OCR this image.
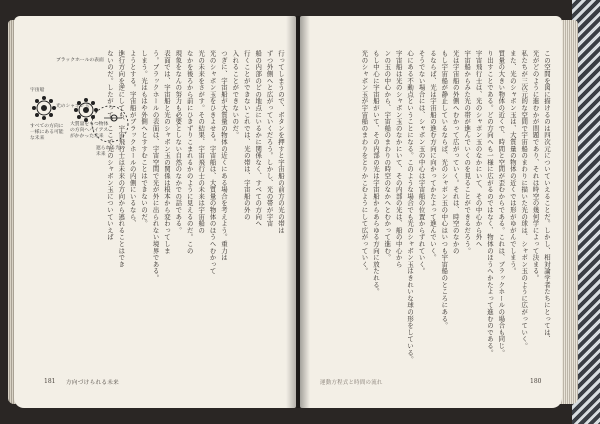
ブラックホールの表面
宇宙船
光のシャボン玉
すべての方向に一様にある可能な未来
大質量をもつ物体の方向へバイアスがかかった未来
遮られる光の未来	行ってしまうので、ボタンを押すと宇宙船の前方の光の帯は
ずつ外側へと広がっていくだろう。しかし、光の帯が宇宙
船の内部のどの地点にいるかに関係なく、すべての方向へ
行くことができないこれでは、光の帯は、宇宙船の外の
入れることができないのだ。
つぎに、宇宙船が大質量の物体の近くにある場合を考えよう。重力は
光のシャボン玉をひきよせる。宇宙船は、大質量の物体のほうへむかって
光の未来をさがす。その結果、宇宙飛行士の未来は宇宙船の
なかを後ろから前にひきずりこまれるかのように見えるのだ。この
現象をなんの努力も必要としない自然のなかでの話である。
表面では、宇宙船と光のシャボン玉の関係は根本から変わってしま
う。ブラックホールの表面は、宇宙空間で光が外に出られない境界である。
しまう。光はもはや外側へとすすむことはできないのだ。
ようとする。宇宙船がブラックホールの内側にいるなら、
進行方向を逆にしても、宇宙飛行士は未来の方向から逃れることはでき
ないのだ。したがって、ここで光のシャボン玉についていえば
181 方向づけられる未来
この空間を図に描けるのは四次元についていえることだ。しかし、相対論学者たちにとっては、
光がどのように進むかが問題であり、それは時空の幾何学によって決まる。
私たちが三次元的な空間で宇宙船のまわりに描いた光の球は、シャボン玉のように広がっていく。
また、光のシャボン玉は、大質量の物体の近くでは形がゆがんでしまう。
質量の大きい物体の近くで、時間と空間が歪むからである。これは、ブラックホールの場合も同じ。
り出すことである。どの方向へも一様に広がるのではなく、物体のほうへかたよって進むのである。
宇宙飛行士は、光のシャボン玉のなかにいて、その中心から外へ
宇宙船からみた光の帯が進んでいくのを見ることができるだろう。
光は宇宙船の外側へむかって広がっていく。それは、時空のなかの
もし宇宙船が静止しているならば、光のシャボン玉の中心はいつも宇宙船のところにある。
るならば、光は宇宙船の進む方向に向かってかたよって進んでいく。
そうでない場合には、シャボン玉の中心は宇宙船の位置からずれていく。
心にある不動点ということになる。このような場合でも光のシャボン玉はきれいな球の形をしている。
宇宙船は光のシャボン玉のなかにいて、その内部の光は、船の中心から
ンの玉の中心から、宇宙船のまわりの時空のなかへとむかって進む。
もし中心に宇宙船がいて、その内部の光は宇宙船からあらゆる方向に放たれる。
光のシャボン玉が宇宙船のまわりをとりかこむようにして広がっていく。
運動方程式と時間の流れ	180
